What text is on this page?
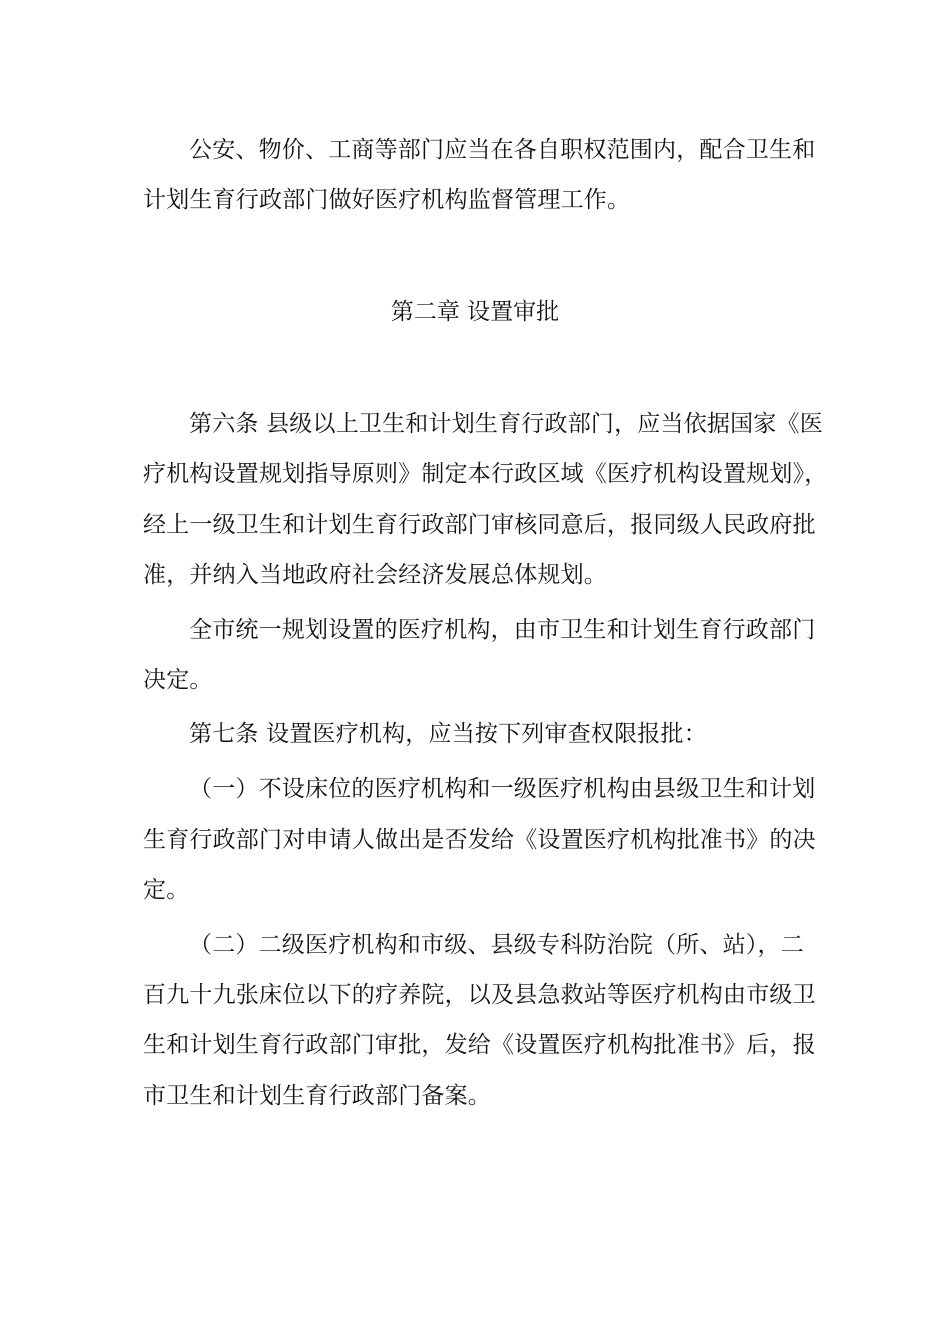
公安、物价、工商等部门应当在各自职权范围内，配合卫生和
计划生育行政部门做好医疗机构监督管理工作。
第二章 设置审批
第六条 县级以上卫生和计划生育行政部门，应当依据国家《医
疗机构设置规划指导原则》制定本行政区域《医疗机构设置规划》，
经上一级卫生和计划生育行政部门审核同意后，报同级人民政府批
准，并纳入当地政府社会经济发展总体规划。
全市统一规划设置的医疗机构，由市卫生和计划生育行政部门
决定。
第七条 设置医疗机构，应当按下列审查权限报批：
（一）不设床位的医疗机构和一级医疗机构由县级卫生和计划
生育行政部门对申请人做出是否发给《设置医疗机构批准书》的决
定。
（二）二级医疗机构和市级、县级专科防治院（所、站），二
百九十九张床位以下的疗养院，以及县急救站等医疗机构由市级卫
生和计划生育行政部门审批，发给《设置医疗机构批准书》后，报
市卫生和计划生育行政部门备案。
